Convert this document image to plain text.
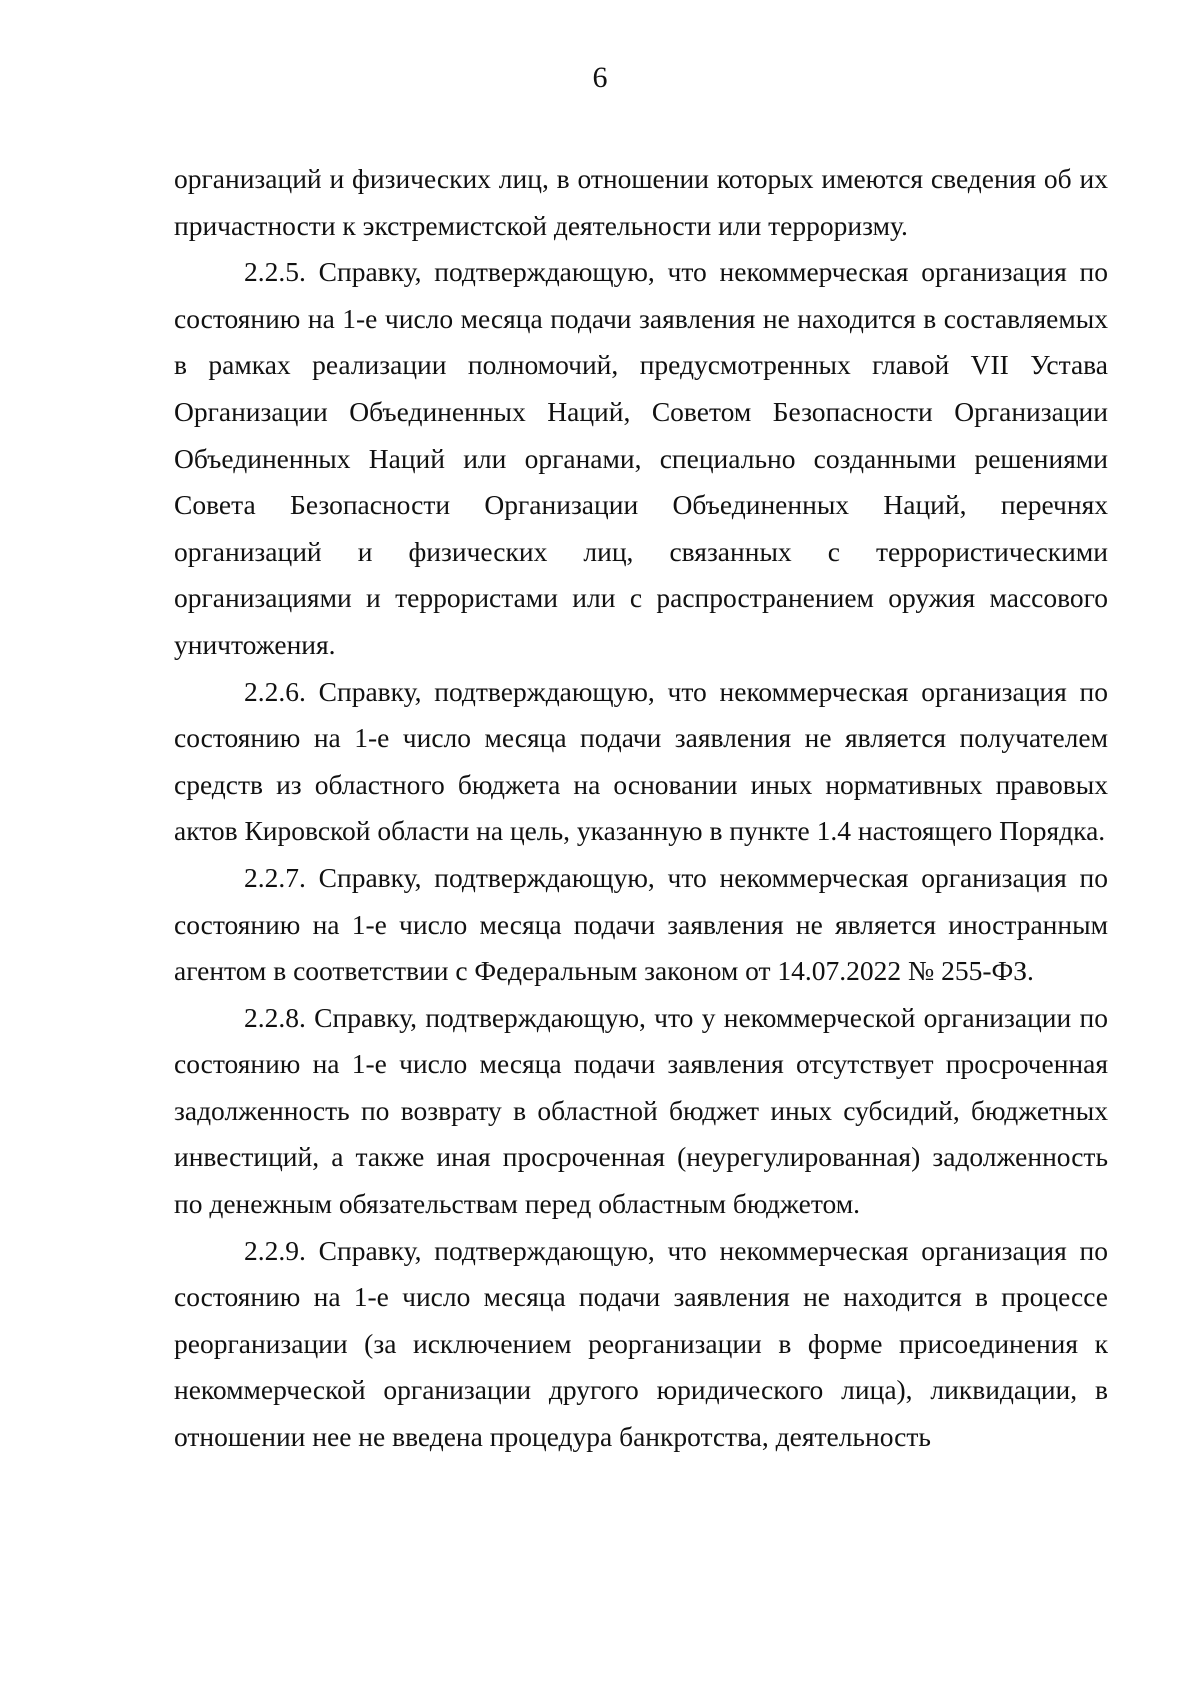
6

организаций и физических лиц, в отношении которых имеются сведения об их причастности к экстремистской деятельности или терроризму.

2.2.5. Справку, подтверждающую, что некоммерческая организация по состоянию на 1-е число месяца подачи заявления не находится в составляемых в рамках реализации полномочий, предусмотренных главой VII Устава Организации Объединенных Наций, Советом Безопасности Организации Объединенных Наций или органами, специально созданными решениями Совета Безопасности Организации Объединенных Наций, перечнях организаций и физических лиц, связанных с террористическими организациями и террористами или с распространением оружия массового уничтожения.

2.2.6. Справку, подтверждающую, что некоммерческая организация по состоянию на 1-е число месяца подачи заявления не является получателем средств из областного бюджета на основании иных нормативных правовых актов Кировской области на цель, указанную в пункте 1.4 настоящего Порядка.

2.2.7. Справку, подтверждающую, что некоммерческая организация по состоянию на 1-е число месяца подачи заявления не является иностранным агентом в соответствии с Федеральным законом от 14.07.2022 № 255-ФЗ.

2.2.8. Справку, подтверждающую, что у некоммерческой организации по состоянию на 1-е число месяца подачи заявления отсутствует просроченная задолженность по возврату в областной бюджет иных субсидий, бюджетных инвестиций, а также иная просроченная (неурегулированная) задолженность по денежным обязательствам перед областным бюджетом.

2.2.9. Справку, подтверждающую, что некоммерческая организация по состоянию на 1-е число месяца подачи заявления не находится в процессе реорганизации (за исключением реорганизации в форме присоединения к некоммерческой организации другого юридического лица), ликвидации, в отношении нее не введена процедура банкротства, деятельность
